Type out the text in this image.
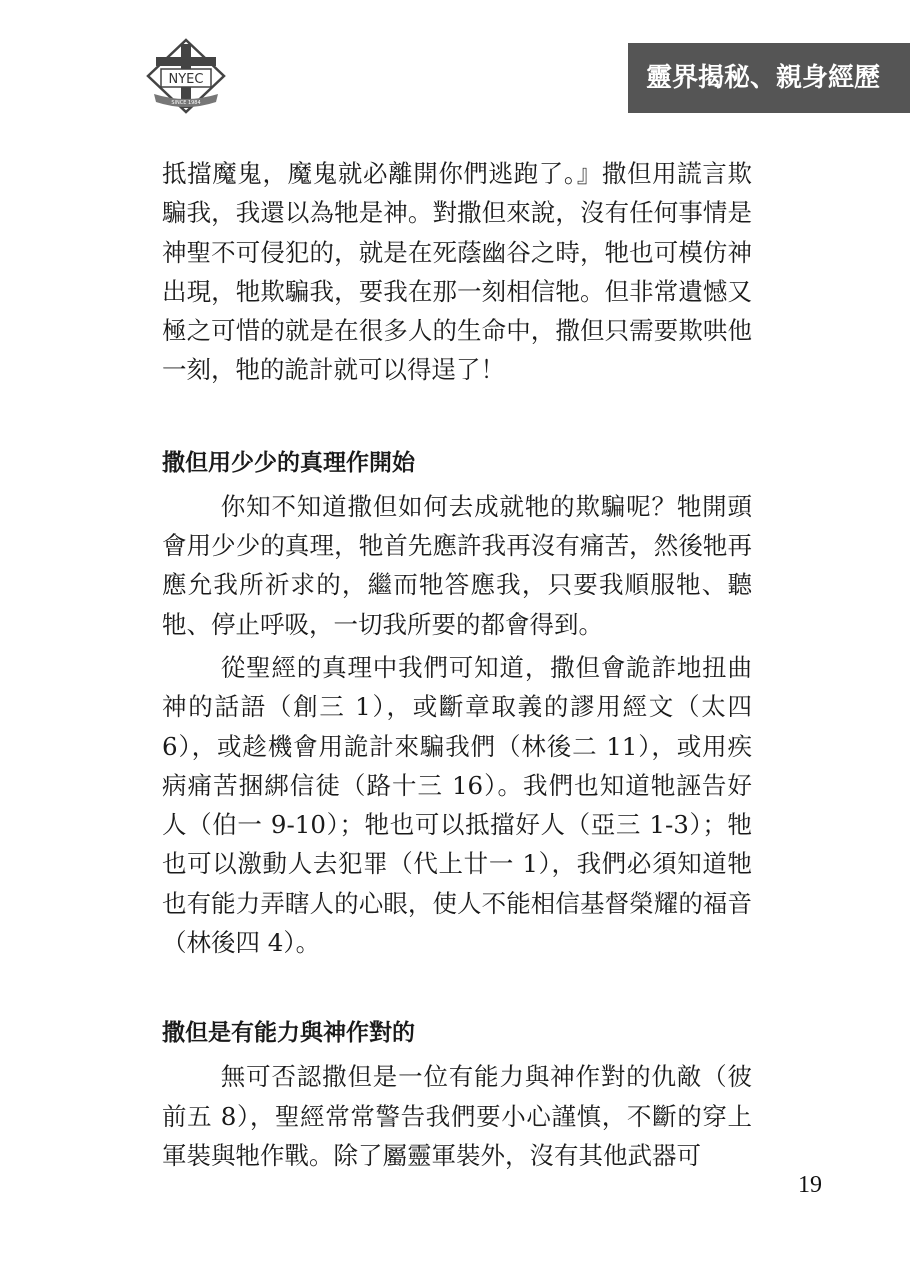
NYEC
SINCE 1984
靈界揭秘、親身經歷

抵擋魔鬼，魔鬼就必離開你們逃跑了。』撒但用謊言欺騙我，我還以為牠是神。對撒但來說，沒有任何事情是神聖不可侵犯的，就是在死蔭幽谷之時，牠也可模仿神出現，牠欺騙我，要我在那一刻相信牠。但非常遺憾又極之可惜的就是在很多人的生命中，撒但只需要欺哄他一刻，牠的詭計就可以得逞了！

撒但用少少的真理作開始

你知不知道撒但如何去成就牠的欺騙呢？牠開頭會用少少的真理，牠首先應許我再沒有痛苦，然後牠再應允我所祈求的，繼而牠答應我，只要我順服牠、聽牠、停止呼吸，一切我所要的都會得到。

從聖經的真理中我們可知道，撒但會詭詐地扭曲神的話語（創三 1），或斷章取義的謬用經文（太四 6），或趁機會用詭計來騙我們（林後二 11），或用疾病痛苦捆綁信徒（路十三 16）。我們也知道牠誣告好人（伯一 9-10）；牠也可以抵擋好人（亞三 1-3）；牠也可以激動人去犯罪（代上廿一 1），我們必須知道牠也有能力弄瞎人的心眼，使人不能相信基督榮耀的福音（林後四 4）。

撒但是有能力與神作對的

無可否認撒但是一位有能力與神作對的仇敵（彼前五 8），聖經常常警告我們要小心謹慎，不斷的穿上軍裝與牠作戰。除了屬靈軍裝外，沒有其他武器可

19
